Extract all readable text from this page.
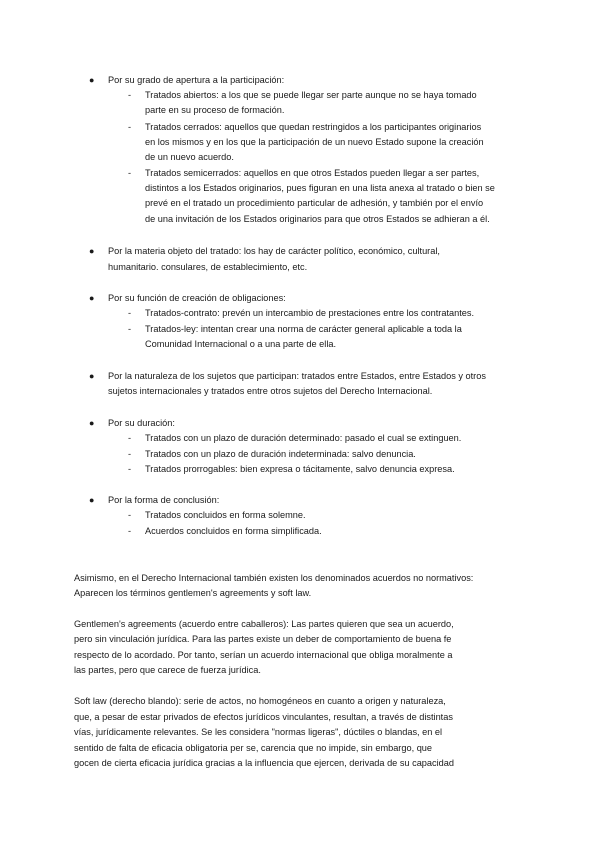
● Por su grado de apertura a la participación:
- Tratados abiertos: a los que se puede llegar ser parte aunque no se haya tomado
parte en su proceso de formación.
- Tratados cerrados: aquellos que quedan restringidos a los participantes originarios
en los mismos y en los que la participación de un nuevo Estado supone la creación
de un nuevo acuerdo.
- Tratados semicerrados: aquellos en que otros Estados pueden llegar a ser partes,
distintos a los Estados originarios, pues figuran en una lista anexa al tratado o bien se
prevé en el tratado un procedimiento particular de adhesión, y también por el envío
de una invitación de los Estados originarios para que otros Estados se adhieran a él.
● Por la materia objeto del tratado: los hay de carácter político, económico, cultural,
humanitario. consulares, de establecimiento, etc.
● Por su función de creación de obligaciones:
- Tratados-contrato: prevén un intercambio de prestaciones entre los contratantes.
- Tratados-ley: intentan crear una norma de carácter general aplicable a toda la
Comunidad Internacional o a una parte de ella.
● Por la naturaleza de los sujetos que participan: tratados entre Estados, entre Estados y otros
sujetos internacionales y tratados entre otros sujetos del Derecho Internacional.
● Por su duración:
- Tratados con un plazo de duración determinado: pasado el cual se extinguen.
- Tratados con un plazo de duración indeterminada: salvo denuncia.
- Tratados prorrogables: bien expresa o tácitamente, salvo denuncia expresa.
● Por la forma de conclusión:
- Tratados concluidos en forma solemne.
- Acuerdos concluidos en forma simplificada.
Asimismo, en el Derecho Internacional también existen los denominados acuerdos no normativos:
Aparecen los términos gentlemen's agreements y soft law.
Gentlemen's agreements (acuerdo entre caballeros): Las partes quieren que sea un acuerdo,
pero sin vinculación jurídica. Para las partes existe un deber de comportamiento de buena fe
respecto de lo acordado. Por tanto, serían un acuerdo internacional que obliga moralmente a
las partes, pero que carece de fuerza jurídica.
Soft law (derecho blando): serie de actos, no homogéneos en cuanto a origen y naturaleza,
que, a pesar de estar privados de efectos jurídicos vinculantes, resultan, a través de distintas
vías, jurídicamente relevantes. Se les considera "normas ligeras", dúctiles o blandas, en el
sentido de falta de eficacia obligatoria per se, carencia que no impide, sin embargo, que
gocen de cierta eficacia jurídica gracias a la influencia que ejercen, derivada de su capacidad
